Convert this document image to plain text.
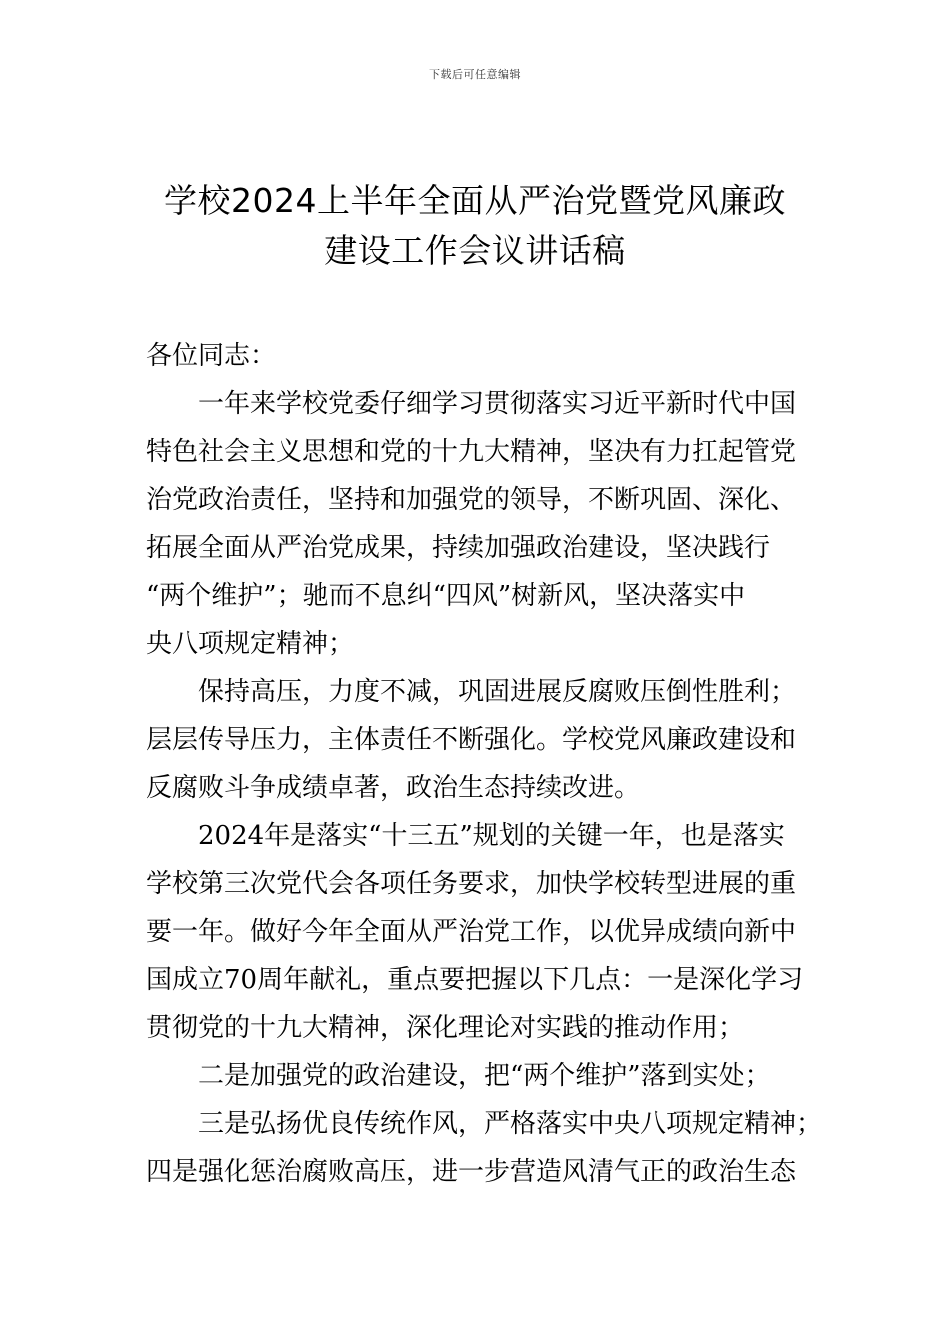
下载后可任意编辑
学校2024上半年全面从严治党暨党风廉政
建设工作会议讲话稿
各位同志：
一年来学校党委仔细学习贯彻落实习近平新时代中国
特色社会主义思想和党的十九大精神，坚决有力扛起管党
治党政治责任，坚持和加强党的领导，不断巩固、深化、
拓展全面从严治党成果，持续加强政治建设，坚决践行
“两个维护”；驰而不息纠“四风”树新风，坚决落实中
央八项规定精神；
保持高压，力度不减，巩固进展反腐败压倒性胜利；
层层传导压力，主体责任不断强化。学校党风廉政建设和
反腐败斗争成绩卓著，政治生态持续改进。
2024年是落实“十三五”规划的关键一年，也是落实
学校第三次党代会各项任务要求，加快学校转型进展的重
要一年。做好今年全面从严治党工作，以优异成绩向新中
国成立70周年献礼，重点要把握以下几点：一是深化学习
贯彻党的十九大精神，深化理论对实践的推动作用；
二是加强党的政治建设，把“两个维护”落到实处；
三是弘扬优良传统作风，严格落实中央八项规定精神；
四是强化惩治腐败高压，进一步营造风清气正的政治生态
